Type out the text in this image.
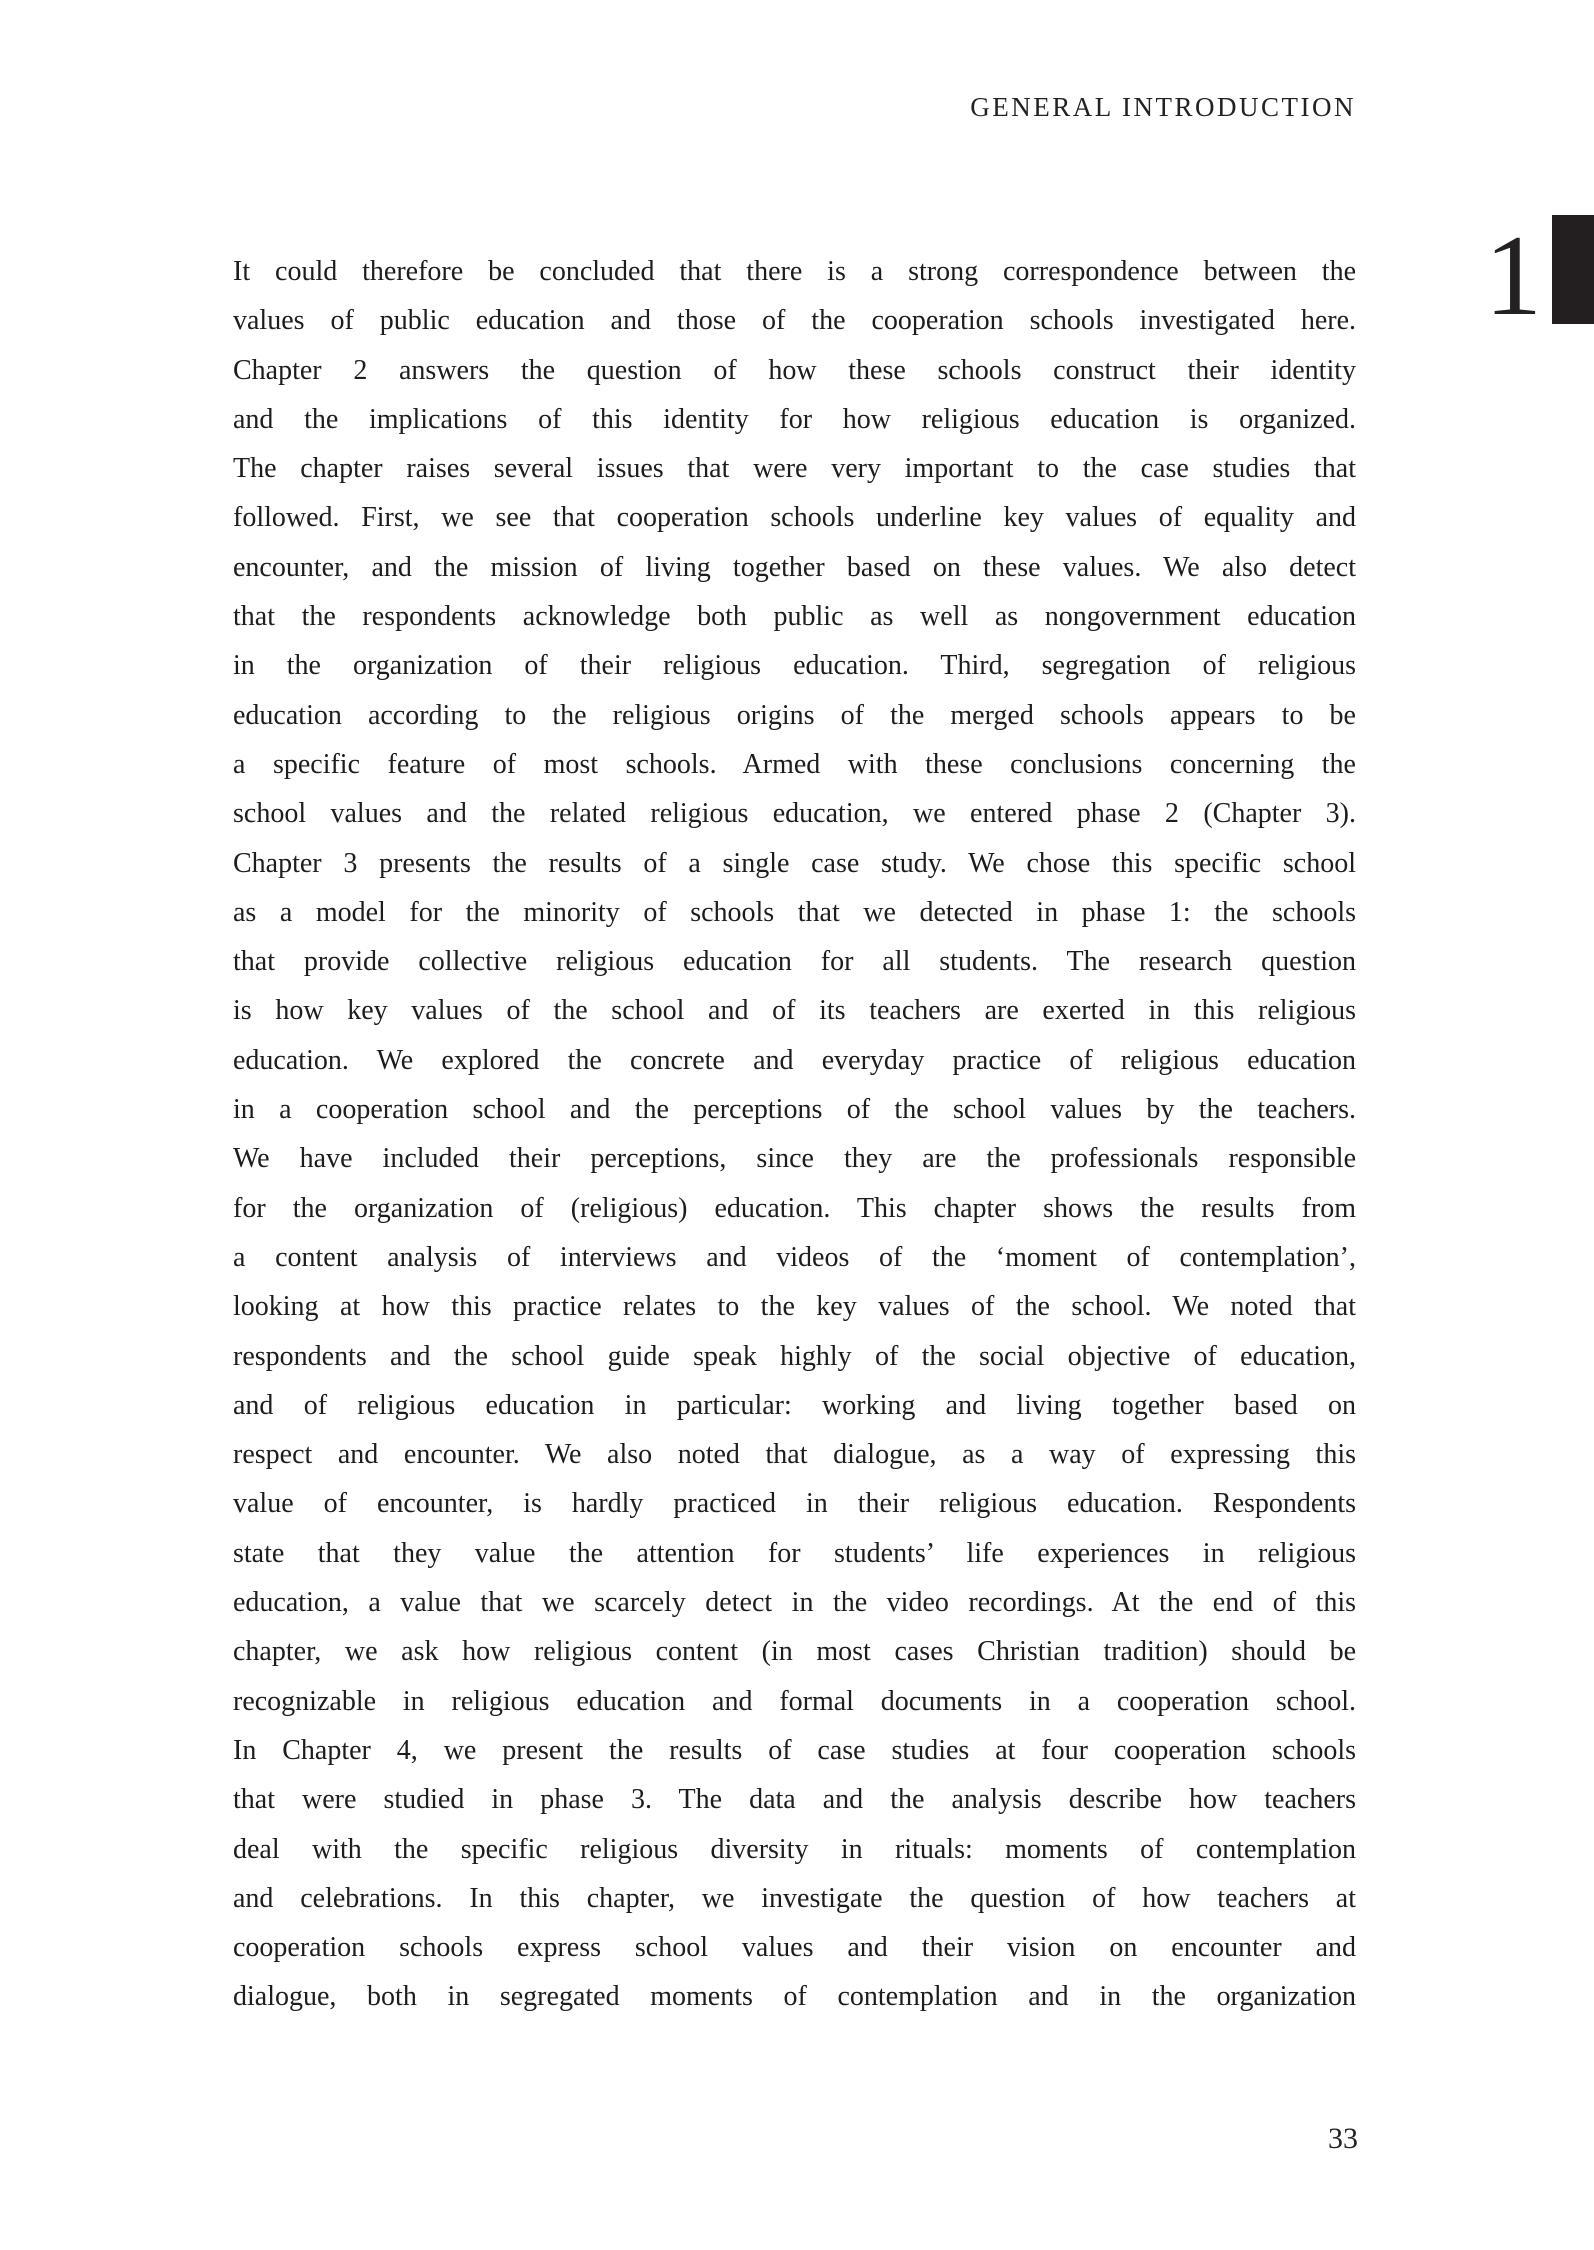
GENERAL INTRODUCTION
1
It could therefore be concluded that there is a strong correspondence between the
values of public education and those of the cooperation schools investigated here.
Chapter 2 answers the question of how these schools construct their identity
and the implications of this identity for how religious education is organized.
The chapter raises several issues that were very important to the case studies that
followed. First, we see that cooperation schools underline key values of equality and
encounter, and the mission of living together based on these values. We also detect
that the respondents acknowledge both public as well as nongovernment education
in the organization of their religious education. Third, segregation of religious
education according to the religious origins of the merged schools appears to be
a specific feature of most schools. Armed with these conclusions concerning the
school values and the related religious education, we entered phase 2 (Chapter 3).
Chapter 3 presents the results of a single case study. We chose this specific school
as a model for the minority of schools that we detected in phase 1: the schools
that provide collective religious education for all students. The research question
is how key values of the school and of its teachers are exerted in this religious
education. We explored the concrete and everyday practice of religious education
in a cooperation school and the perceptions of the school values by the teachers.
We have included their perceptions, since they are the professionals responsible
for the organization of (religious) education. This chapter shows the results from
a content analysis of interviews and videos of the ‘moment of contemplation’,
looking at how this practice relates to the key values of the school. We noted that
respondents and the school guide speak highly of the social objective of education,
and of religious education in particular: working and living together based on
respect and encounter. We also noted that dialogue, as a way of expressing this
value of encounter, is hardly practiced in their religious education. Respondents
state that they value the attention for students’ life experiences in religious
education, a value that we scarcely detect in the video recordings. At the end of this
chapter, we ask how religious content (in most cases Christian tradition) should be
recognizable in religious education and formal documents in a cooperation school.
In Chapter 4, we present the results of case studies at four cooperation schools
that were studied in phase 3. The data and the analysis describe how teachers
deal with the specific religious diversity in rituals: moments of contemplation
and celebrations. In this chapter, we investigate the question of how teachers at
cooperation schools express school values and their vision on encounter and
dialogue, both in segregated moments of contemplation and in the organization
33
